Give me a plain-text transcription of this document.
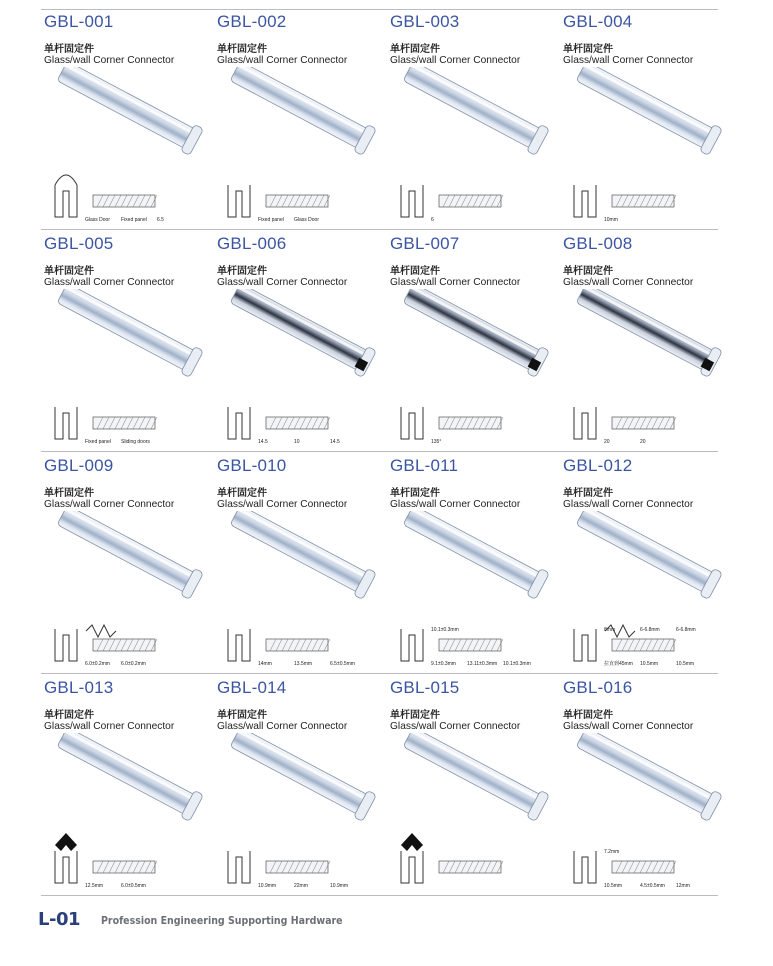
GBL-001
单杆固定件
Glass/wall Corner Connector
Glass Door Fixed panel 6.5
GBL-002
单杆固定件
Glass/wall Corner Connector
Fixed panel Glass Door
GBL-003
单杆固定件
Glass/wall Corner Connector
6
GBL-004
单杆固定件
Glass/wall Corner Connector
10mm
GBL-005
单杆固定件
Glass/wall Corner Connector
Fixed panel Sliding doors
GBL-006
单杆固定件
Glass/wall Corner Connector
14.5	10	14.5
GBL-007
单杆固定件
Glass/wall Corner Connector
135°
GBL-008
单杆固定件
Glass/wall Corner Connector
20	20
GBL-009
单杆固定件
Glass/wall Corner Connector
6.0±0.2mm 6.0±0.2mm
GBL-010
单杆固定件
Glass/wall Corner Connector
14mm	13.5mm	6.5±0.5mm
GBL-011
单杆固定件
Glass/wall Corner Connector
9.1±0.3mm 13.11±0.3mm 10.1±0.3mm
10.1±0.3mm
GBL-012
单杆固定件
Glass/wall Corner Connector
拉直到45mm 10.5mm	10.5mm
8mm	6-6.8mm	6-6.8mm
GBL-013
单杆固定件
Glass/wall Corner Connector
12.5mm	6.0±0.5mm
GBL-014
单杆固定件
Glass/wall Corner Connector
10.9mm	22mm	10.9mm
GBL-015
单杆固定件
Glass/wall Corner Connector
GBL-016
单杆固定件
Glass/wall Corner Connector
10.5mm	4.5±0.5mm 12mm
7.2mm
L-01 Profession Engineering Supporting Hardware
